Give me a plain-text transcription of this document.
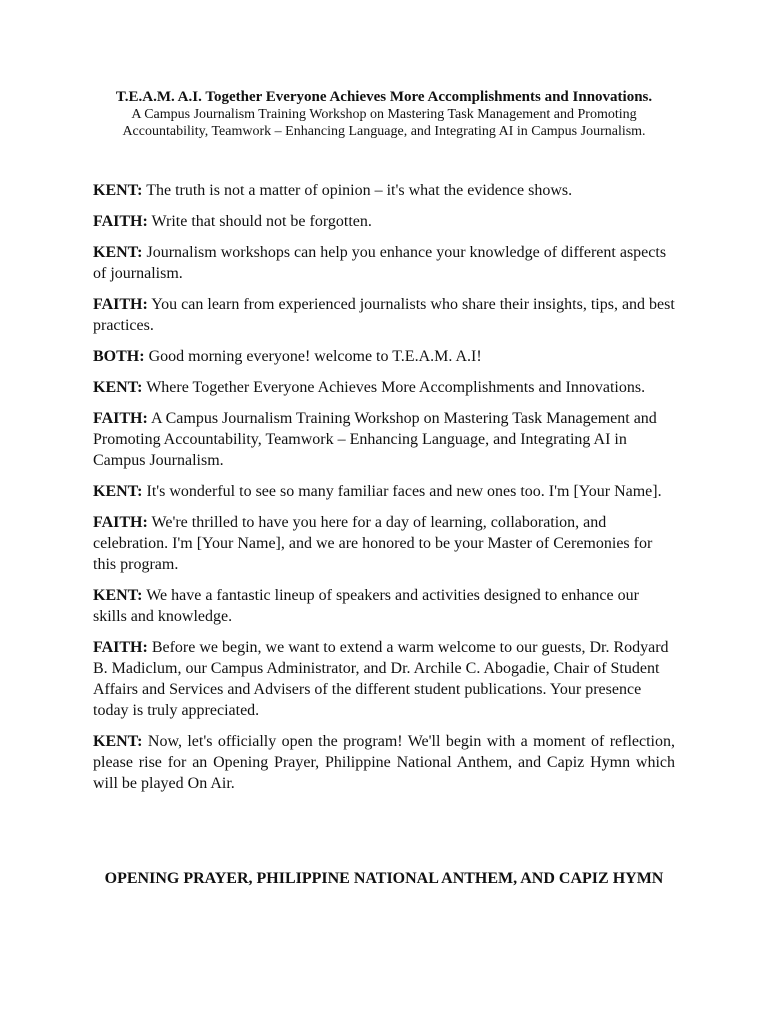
T.E.A.M. A.I. Together Everyone Achieves More Accomplishments and Innovations.

A Campus Journalism Training Workshop on Mastering Task Management and Promoting Accountability, Teamwork – Enhancing Language, and Integrating AI in Campus Journalism.

KENT: The truth is not a matter of opinion – it's what the evidence shows.

FAITH: Write that should not be forgotten.

KENT: Journalism workshops can help you enhance your knowledge of different aspects of journalism.

FAITH: You can learn from experienced journalists who share their insights, tips, and best practices.

BOTH: Good morning everyone! welcome to T.E.A.M. A.I!

KENT: Where Together Everyone Achieves More Accomplishments and Innovations.

FAITH: A Campus Journalism Training Workshop on Mastering Task Management and Promoting Accountability, Teamwork – Enhancing Language, and Integrating AI in Campus Journalism.

KENT: It's wonderful to see so many familiar faces and new ones too. I'm [Your Name].

FAITH: We're thrilled to have you here for a day of learning, collaboration, and celebration. I'm [Your Name], and we are honored to be your Master of Ceremonies for this program.

KENT: We have a fantastic lineup of speakers and activities designed to enhance our skills and knowledge.

FAITH: Before we begin, we want to extend a warm welcome to our guests, Dr. Rodyard B. Madiclum, our Campus Administrator, and Dr. Archile C. Abogadie, Chair of Student Affairs and Services and Advisers of the different student publications. Your presence today is truly appreciated.

KENT: Now, let's officially open the program! We'll begin with a moment of reflection, please rise for an Opening Prayer, Philippine National Anthem, and Capiz Hymn which will be played On Air.

OPENING PRAYER, PHILIPPINE NATIONAL ANTHEM, AND CAPIZ HYMN
